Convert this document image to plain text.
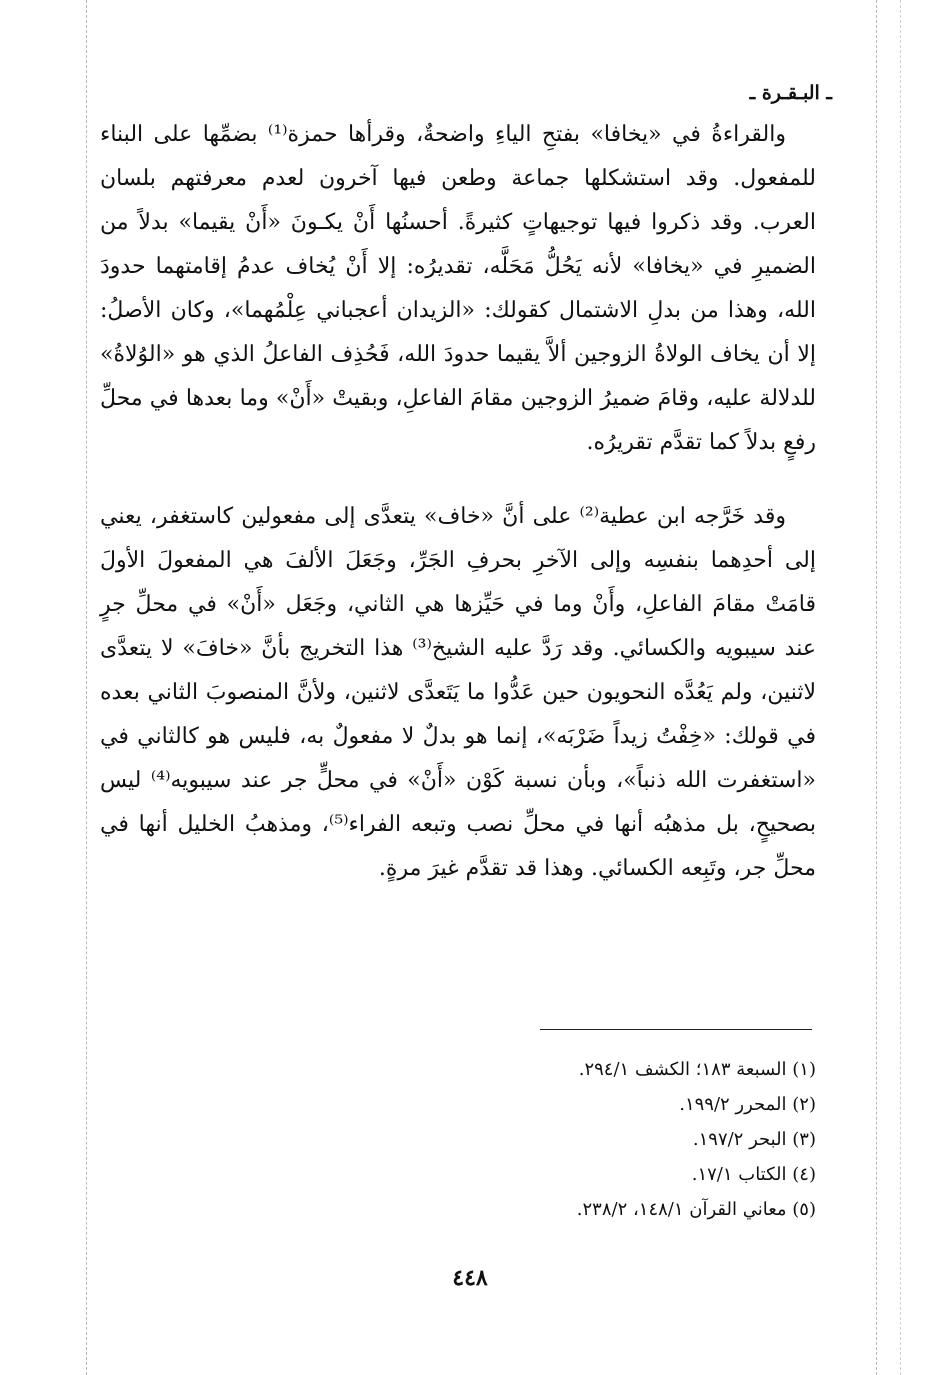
ـ البـقـرة ـ

والقراءةُ في «يخافا» بفتحِ الياءِ واضحةٌ، وقرأها حمزة⁽¹⁾ بضمِّها على البناء للمفعول. وقد استشكلها جماعة وطعن فيها آخرون لعدم معرفتهم بلسان العرب. وقد ذكروا فيها توجيهاتٍ كثيرةً. أحسنُها أَنْ يكـونَ «أَنْ يقيما» بدلاً من الضميرِ في «يخافا» لأنه يَحُلُّ مَحَلَّه، تقديرُه: إلا أَنْ يُخاف عدمُ إقامتهما حدودَ الله، وهذا من بدلِ الاشتمال كقولك: «الزيدان أعجباني عِلْمُهما»، وكان الأصلُ: إلا أن يخاف الولاةُ الزوجين ألاَّ يقيما حدودَ الله، فَحُذِف الفاعلُ الذي هو «الوُلاةُ» للدلالة عليه، وقامَ ضميرُ الزوجين مقامَ الفاعلِ، وبقيتْ «أَنْ» وما بعدها في محلِّ رفعٍ بدلاً كما تقدَّم تقريرُه.

وقد خَرَّجه ابن عطية⁽²⁾ على أنَّ «خاف» يتعدَّى إلى مفعولين كاستغفر، يعني إلى أحدِهما بنفسِه وإلى الآخرِ بحرفِ الجَرِّ، وجَعَلَ الألفَ هي المفعولَ الأولَ قامَتْ مقامَ الفاعلِ، وأَنْ وما في حَيِّزها هي الثاني، وجَعَل «أَنْ» في محلِّ جرٍ عند سيبويه والكسائي. وقد رَدَّ عليه الشيخ⁽³⁾ هذا التخريج بأنَّ «خافَ» لا يتعدَّى لاثنين، ولم يَعُدَّه النحويون حين عَدُّوا ما يَتَعدَّى لاثنين، ولأنَّ المنصوبَ الثاني بعده في قولك: «خِفْتُ زيداً ضَرْبَه»، إنما هو بدلٌ لا مفعولٌ به، فليس هو كالثاني في «استغفرت الله ذنباً»، وبأن نسبة كَوْن «أَنْ» في محلٍّ جر عند سيبويه⁽⁴⁾ ليس بصحيحٍ، بل مذهبُه أنها في محلِّ نصب وتبعه الفراء⁽⁵⁾، ومذهبُ الخليل أنها في محلِّ جر، وتَبِعه الكسائي. وهذا قد تقدَّم غيرَ مرةٍ.

(١) السبعة ١٨٣؛ الكشف ٢٩٤/١.
(٢) المحرر ١٩٩/٢.
(٣) البحر ١٩٧/٢.
(٤) الكتاب ١٧/١.
(٥) معاني القرآن ١٤٨/١، ٢٣٨/٢.
٤٤٨
